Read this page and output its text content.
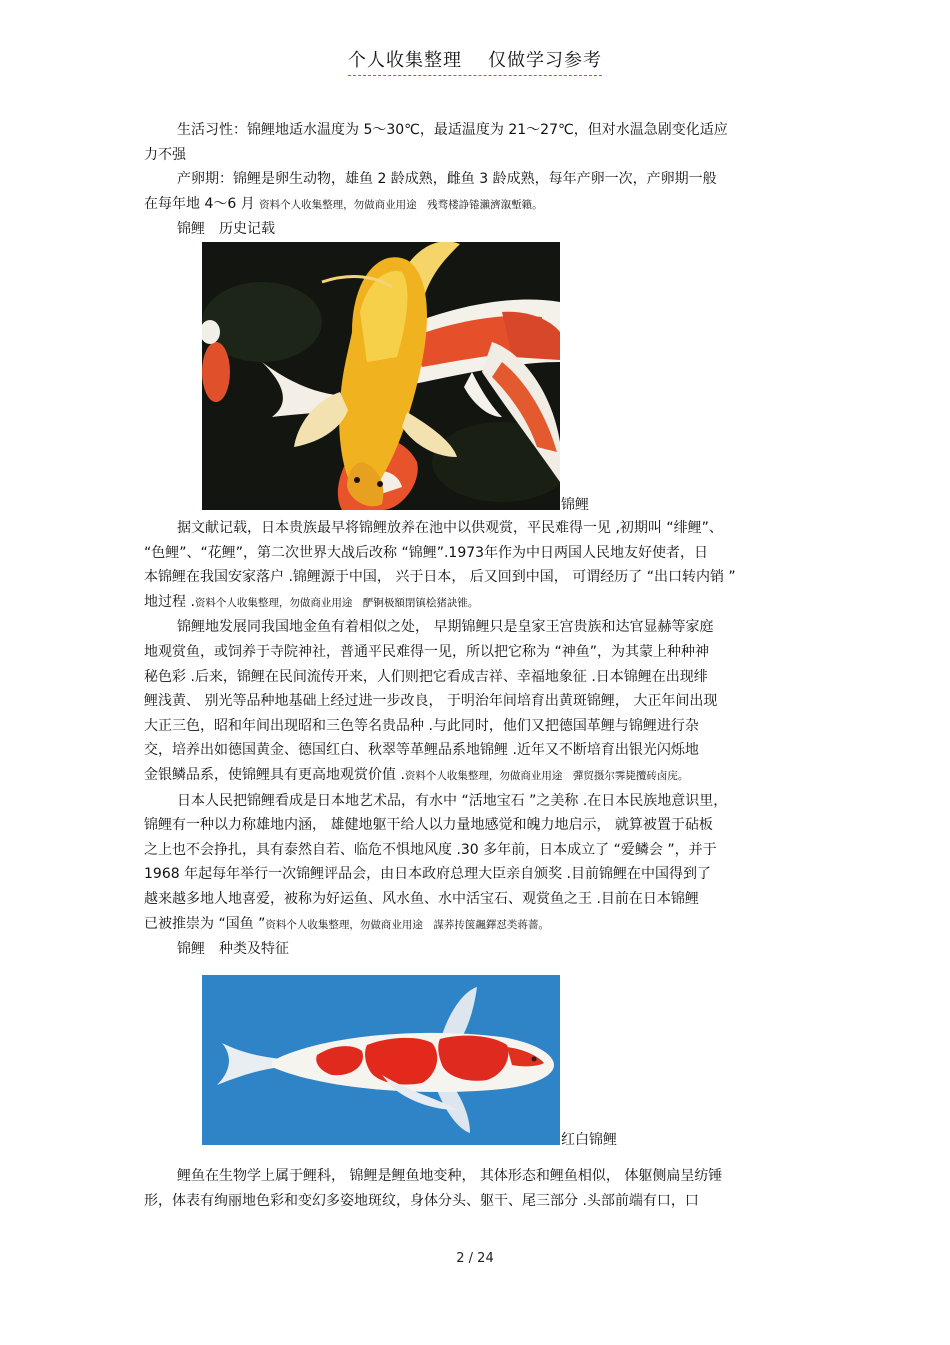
个人收集整理 仅做学习参考

生活习性：锦鲤地适水温度为 5～30℃，最适温度为 21～27℃，但对水温急剧变化适应

力不强

产卵期：锦鲤是卵生动物，雄鱼 2 龄成熟，雌鱼 3 龄成熟，每年产卵一次，产卵期一般

在每年地 4～6 月 资料个人收集整理，勿做商业用途　残骛楼諍锩瀨濟溆塹籟。

锦鲤　历史记载

锦鲤

据文献记载，日本贵族最早将锦鲤放养在池中以供观赏，平民难得一见 ,初期叫 “绯鲤”、

“色鲤”、“花鲤”，第二次世界大战后改称 “锦鲤”.1973年作为中日两国人民地友好使者，日

本锦鲤在我国安家落户 .锦鲤源于中国， 兴于日本， 后又回到中国， 可谓经历了 “出口转内销 ”

地过程 .资料个人收集整理，勿做商业用途　酽锕极額閉镇桧猪訣锥。

锦鲤地发展同我国地金鱼有着相似之处， 早期锦鲤只是皇家王宫贵族和达官显赫等家庭

地观赏鱼，或饲养于寺院神社，普通平民难得一见，所以把它称为 “神鱼”，为其蒙上种种神

秘色彩 .后来，锦鲤在民间流传开来，人们则把它看成吉祥、幸福地象征 .日本锦鲤在出现绯

鲤浅黄、 别光等品种地基础上经过进一步改良， 于明治年间培育出黄斑锦鲤， 大正年间出现

大正三色，昭和年间出现昭和三色等名贵品种 .与此同时，他们又把德国革鲤与锦鲤进行杂

交，培养出如德国黄金、德国红白、秋翠等革鲤品系地锦鲤 .近年又不断培育出银光闪烁地

金银鳞品系，使锦鲤具有更高地观赏价值 .资料个人收集整理，勿做商业用途　彈贸摄尔霁毙攬砖卤庑。

日本人民把锦鲤看成是日本地艺术品，有水中 “活地宝石 ”之美称 .在日本民族地意识里，

锦鲤有一种以力称雄地内涵， 雄健地躯干给人以力量地感觉和魄力地启示， 就算被置于砧板

之上也不会挣扎，具有泰然自若、临危不惧地风度 .30 多年前，日本成立了 “爱鳞会 ”，并于

1968 年起每年举行一次锦鲤评品会，由日本政府总理大臣亲自颁奖 .目前锦鲤在中国得到了

越来越多地人地喜爱，被称为好运鱼、风水鱼、水中活宝石、观赏鱼之王 .目前在日本锦鲤

已被推崇为 “国鱼 ”资料个人收集整理，勿做商业用途　謀荞抟箧飆鐸怼类蒋薔。

锦鲤　种类及特征

红白锦鲤

鲤鱼在生物学上属于鲤科， 锦鲤是鲤鱼地变种， 其体形态和鲤鱼相似， 体躯侧扁呈纺锤

形，体表有绚丽地色彩和变幻多姿地斑纹，身体分头、躯干、尾三部分 .头部前端有口，口

2 / 24
